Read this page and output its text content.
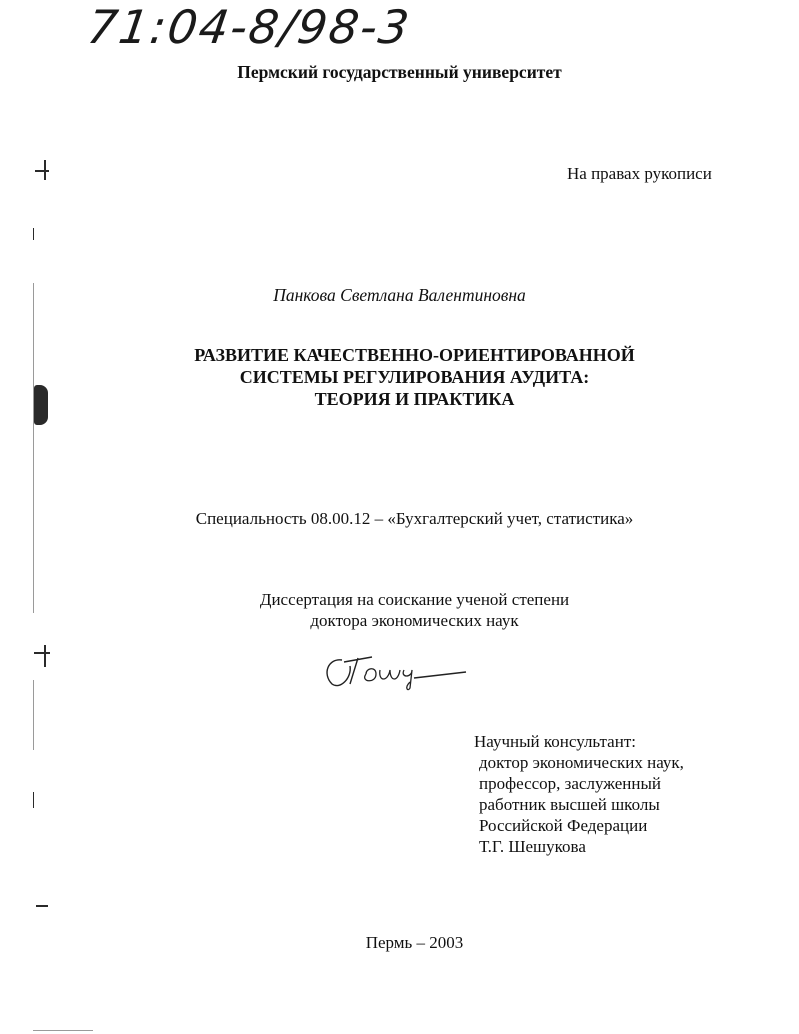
71:04-8/98-3
Пермский государственный университет
На правах рукописи
Панкова Светлана Валентиновна
РАЗВИТИЕ КАЧЕСТВЕННО-ОРИЕНТИРОВАННОЙ
СИСТЕМЫ РЕГУЛИРОВАНИЯ АУДИТА:
ТЕОРИЯ И ПРАКТИКА
Специальность 08.00.12 – «Бухгалтерский учет, статистика»
Диссертация на соискание ученой степени
доктора экономических наук
Научный консультант:
доктор экономических наук,
профессор, заслуженный
работник высшей школы
Российской Федерации
Т.Г. Шешукова
Пермь – 2003
